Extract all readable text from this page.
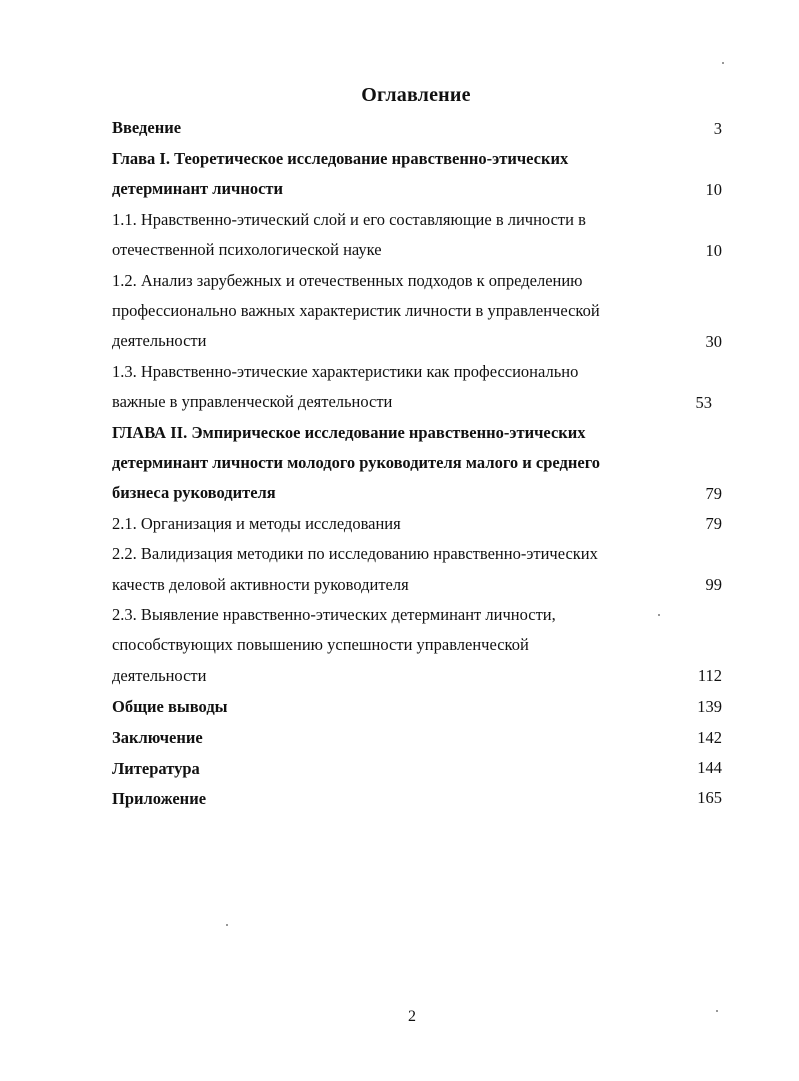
Оглавление
Введение	3
Глава I. Теоретическое исследование нравственно-этических
детерминант личности	10
1.1. Нравственно-этический слой и его составляющие в личности в
отечественной психологической науке	10
1.2. Анализ зарубежных и отечественных подходов к определению
профессионально важных характеристик личности в управленческой
деятельности	30
1.3. Нравственно-этические характеристики как профессионально
важные в управленческой деятельности	53
ГЛАВА II. Эмпирическое исследование нравственно-этических
детерминант личности молодого руководителя малого и среднего
бизнеса руководителя	79
2.1. Организация и методы исследования	79
2.2. Валидизация методики по исследованию нравственно-этических
качеств деловой активности руководителя	99
2.3. Выявление нравственно-этических детерминант личности,
способствующих повышению успешности управленческой
деятельности	112
Общие выводы	139
Заключение	142
Литература	144
Приложение	165
2
